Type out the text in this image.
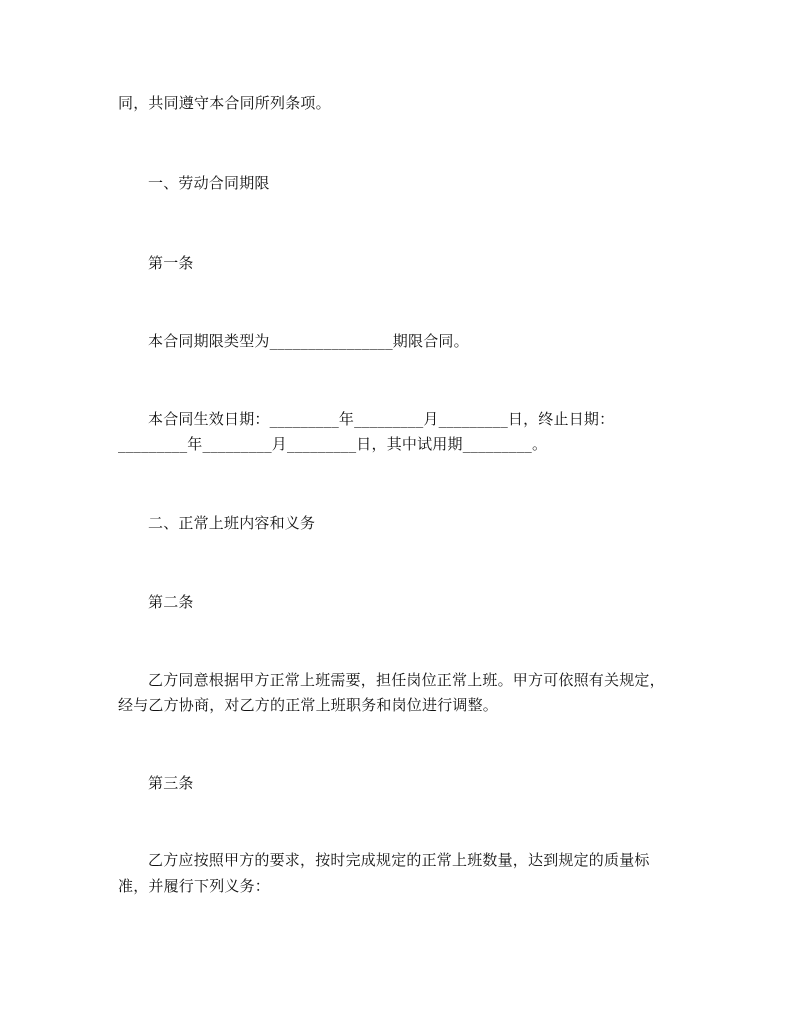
同，共同遵守本合同所列条项。

一、劳动合同期限

第一条

本合同期限类型为________________期限合同。

本合同生效日期：_________年_________月_________日，终止日期：

_________年_________月_________日，其中试用期_________。

二、正常上班内容和义务

第二条

乙方同意根据甲方正常上班需要，担任岗位正常上班。甲方可依照有关规定，

经与乙方协商，对乙方的正常上班职务和岗位进行调整。

第三条

乙方应按照甲方的要求，按时完成规定的正常上班数量，达到规定的质量标

准，并履行下列义务：
